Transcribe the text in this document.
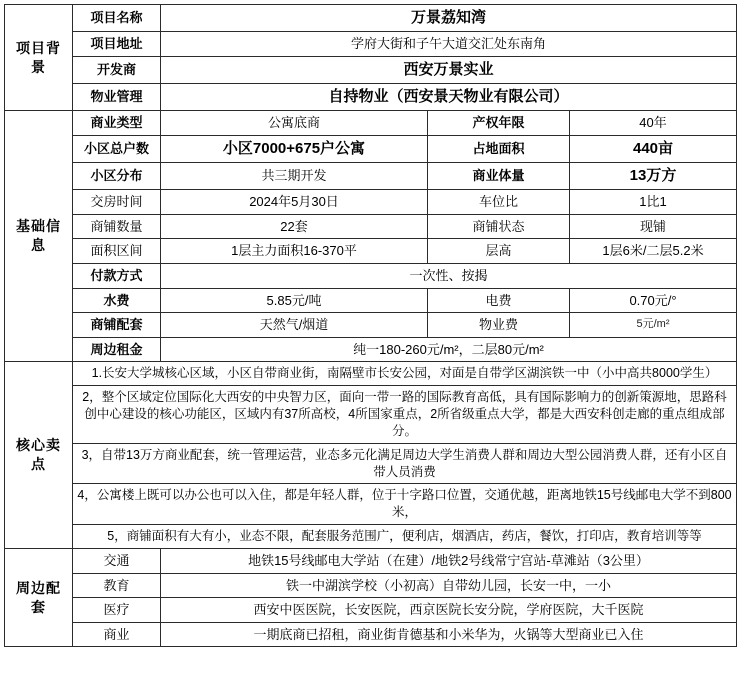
项目背景	项目名称	万景荔知湾		
	项目地址	学府大街和子午大道交汇处东南角		
	开发商	西安万景实业		
	物业管理	自持物业（西安景天物业有限公司）		
基础信息	商业类型	公寓底商	产权年限	40年
	小区总户数	小区7000+675户公寓	占地面积	440亩
	小区分布	共三期开发	商业体量	13万方
	交房时间	2024年5月30日	车位比	1比1
	商铺数量	22套	商铺状态	现铺
	面积区间	1层主力面积16-370平	层高	1层6米/二层5.2米
	付款方式	一次性、按揭		
	水费	5.85元/吨	电费	0.70元/°
	商铺配套	天然气/烟道	物业费	5元/m²
	周边租金	纯一180-260元/m²，二层80元/m²		
核心卖点	1.长安大学城核心区域，小区自带商业街，南隔壁市长安公园，对面是自带学区湖滨铁一中（小中高共8000学生）			
	2，整个区域定位国际化大西安的中央智力区，面向一带一路的国际教育高低，具有国际影响力的创新策源地，思路科创中心建设的核心功能区，区域内有37所高校，4所国家重点，2所省级重点大学，都是大西安科创走廊的重点组成部分。			
	3，自带13万方商业配套，统一管理运营，业态多元化满足周边大学生消费人群和周边大型公园消费人群，还有小区自带人员消费			
	4，公寓楼上既可以办公也可以入住，都是年轻人群，位于十字路口位置，交通优越，距离地铁15号线邮电大学不到800米，			
	5，商铺面积有大有小，业态不限，配套服务范围广，便利店，烟酒店，药店，餐饮，打印店，教育培训等等			
周边配套	交通	地铁15号线邮电大学站（在建）/地铁2号线常宁宫站-草滩站（3公里）		
	教育	铁一中湖滨学校（小初高）自带幼儿园，长安一中，一小		
	医疗	西安中医医院，长安医院，西京医院长安分院，学府医院，大千医院		
	商业	一期底商已招租，商业街肯德基和小米华为，火锅等大型商业已入住		
